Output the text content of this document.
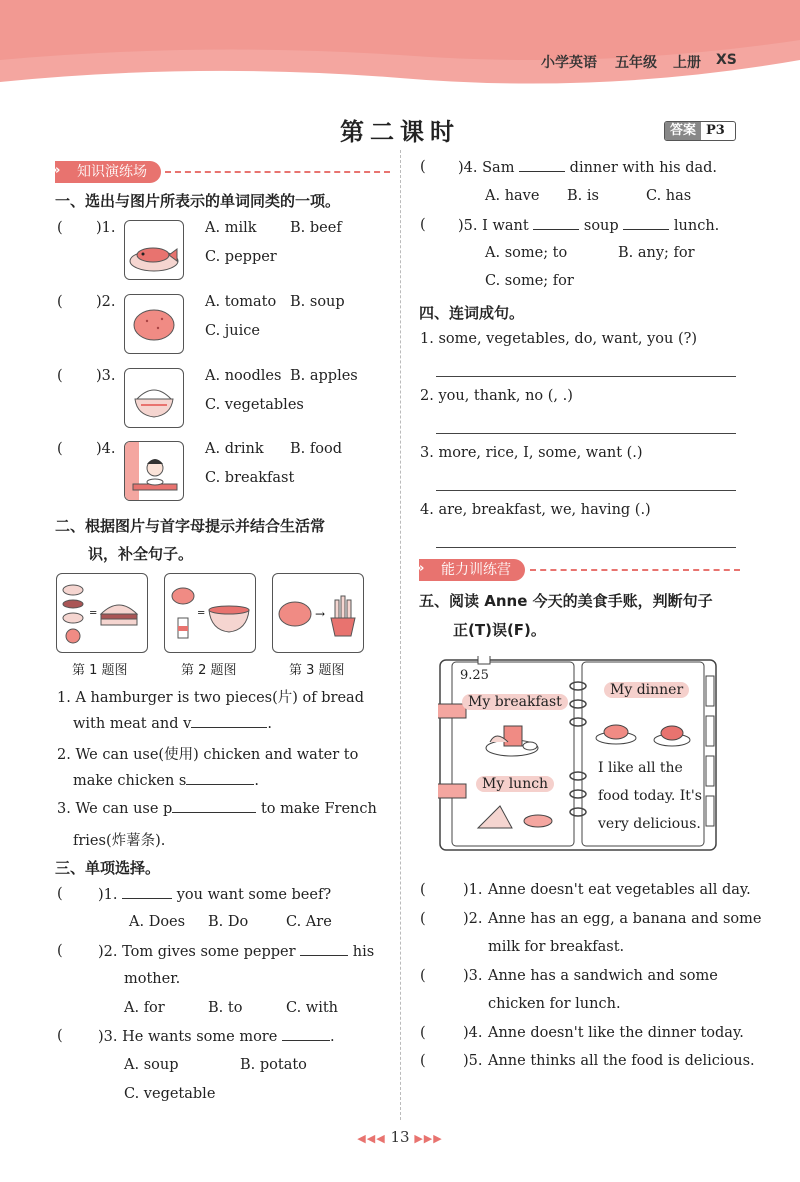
小学英语 五年级 上册 XS
第二课时	答案 P3
知识演练场
»
一、选出与图片所表示的单词同类的一项。
( )1.	A. milk B. beef
C. pepper
( )2.	A. tomato B. soup
C. juice
( )3.	A. noodles B. apples
C. vegetables
( )4.	A. drink B. food
C. breakfast
二、根据图片与首字母提示并结合生活常
识，补全句子。
=	=	→
第 1 题图	第 2 题图	第 3 题图
1. A hamburger is two pieces(片) of bread
with meat and v	.
2. We can use(使用) chicken and water to
make chicken s	.
3. We can use p	to make French
fries(炸薯条).
三、单项选择。
( )1.	you want some beef?
A. Does B. Do	C. Are
( )2. Tom gives some pepper	his
mother.
A. for	B. to	C. with
( )3. He wants some more	.
A. soup	B. potato
C. vegetable
( )4. Sam	dinner with his dad.
A. have B. is	C. has
( )5. I want	soup	lunch.
A. some; to	B. any; for
C. some; for
四、连词成句。
1. some, vegetables, do, want, you (?)
2. you, thank, no (, .)
3. more, rice, I, some, want (.)
4. are, breakfast, we, having (.)
能力训练营
»
五、阅读 Anne 今天的美食手账，判断句子
正(T)误(F)。
9.25
My breakfast
My lunch
My dinner
I like all the
food today. It's
very delicious.
(	)1. Anne doesn't eat vegetables all day.
(	)2. Anne has an egg, a banana and some
milk for breakfast.
(	)3. Anne has a sandwich and some
chicken for lunch.
(	)4. Anne doesn't like the dinner today.
(	)5. Anne thinks all the food is delicious.
◀◀◀ 13 ▶▶▶
